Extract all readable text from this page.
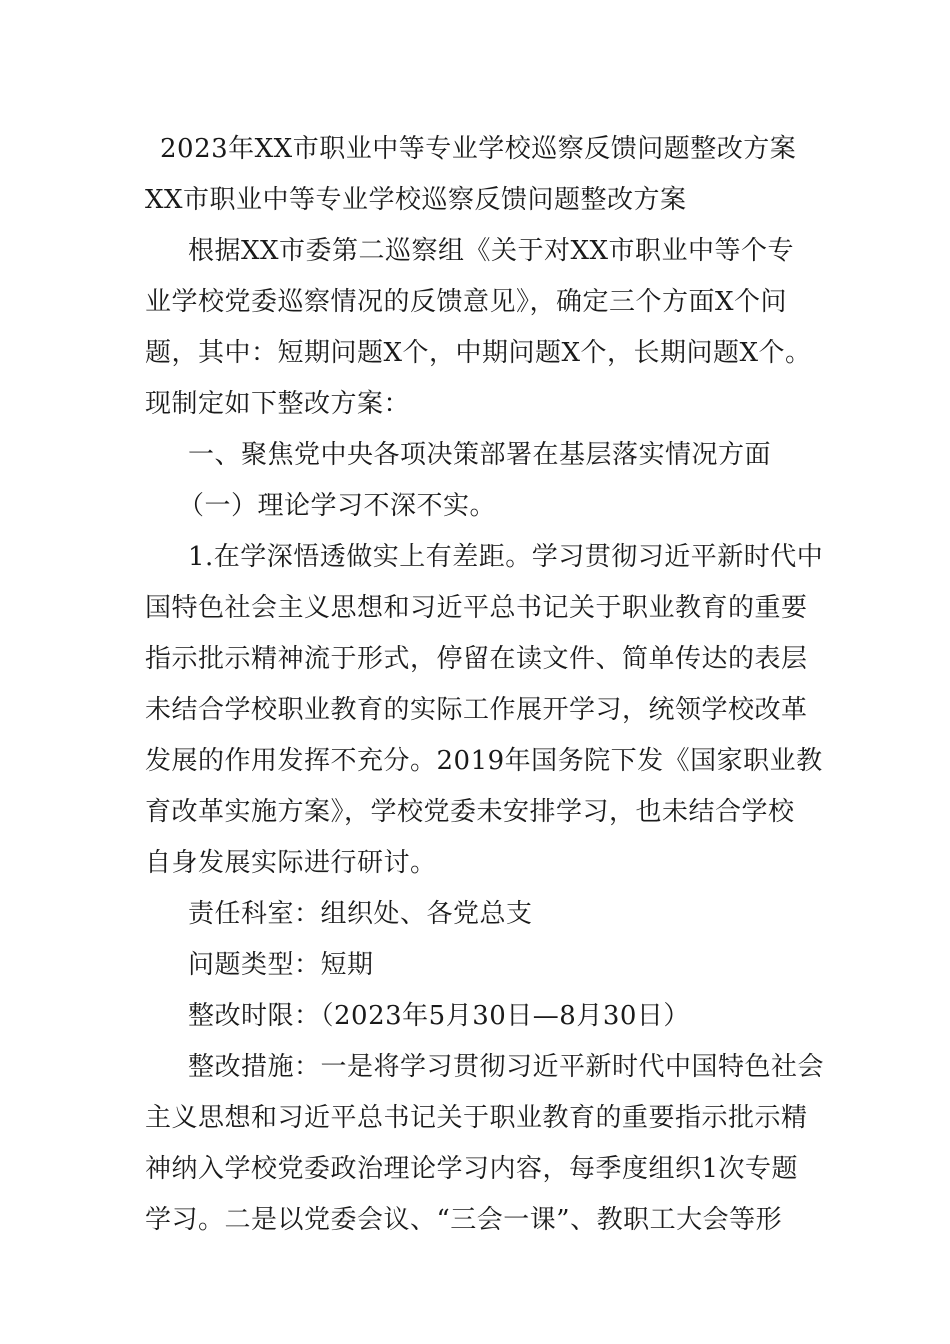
2023年XX市职业中等专业学校巡察反馈问题整改方案
XX市职业中等专业学校巡察反馈问题整改方案
根据XX市委第二巡察组《关于对XX市职业中等个专
业学校党委巡察情况的反馈意见》，确定三个方面X个问
题，其中：短期问题X个，中期问题X个，长期问题X个。
现制定如下整改方案：
一、聚焦党中央各项决策部署在基层落实情况方面
（一）理论学习不深不实。
1.在学深悟透做实上有差距。学习贯彻习近平新时代中
国特色社会主义思想和习近平总书记关于职业教育的重要
指示批示精神流于形式，停留在读文件、简单传达的表层
未结合学校职业教育的实际工作展开学习，统领学校改革
发展的作用发挥不充分。2019年国务院下发《国家职业教
育改革实施方案》，学校党委未安排学习，也未结合学校
自身发展实际进行研讨。
责任科室：组织处、各党总支
问题类型：短期
整改时限：（2023年5月30日—8月30日）
整改措施：一是将学习贯彻习近平新时代中国特色社会
主义思想和习近平总书记关于职业教育的重要指示批示精
神纳入学校党委政治理论学习内容，每季度组织1次专题
学习。二是以党委会议、“三会一课”、教职工大会等形
